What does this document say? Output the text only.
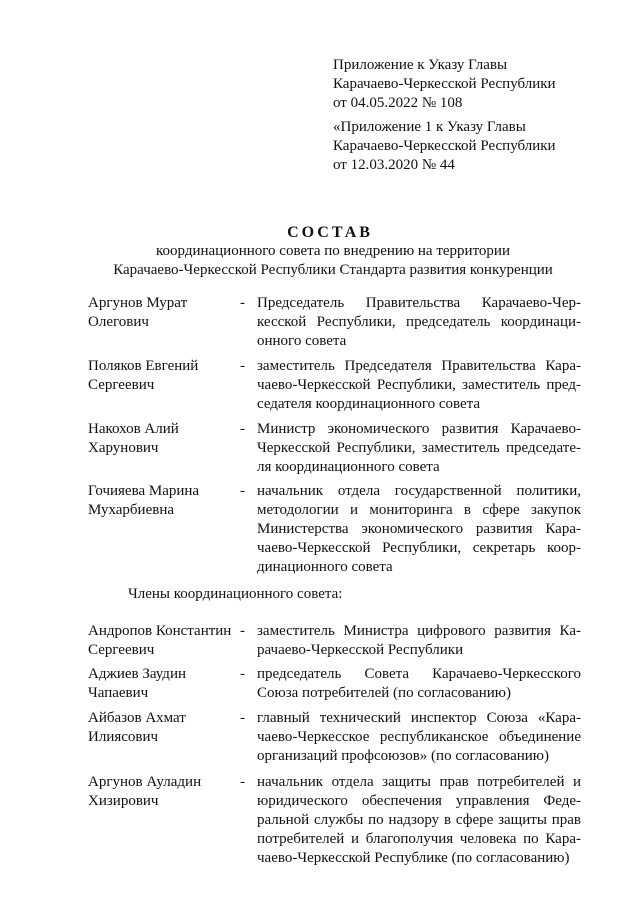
Приложение к Указу Главы
Карачаево-Черкесской Республики
от 04.05.2022 № 108
«Приложение 1 к Указу Главы
Карачаево-Черкесской Республики
от 12.03.2020 № 44
СОСТАВ
координационного совета по внедрению на территории
Карачаево-Черкесской Республики Стандарта развития конкуренции
Аргунов Мурат
Олегович
- Председатель Правительства Карачаево-Чер-
кесской Республики, председатель координаци-
онного совета
Поляков Евгений
Сергеевич
- заместитель Председателя Правительства Кара-
чаево-Черкесской Республики, заместитель пред-
седателя координационного совета
Накохов Алий
Харунович
- Министр экономического развития Карачаево-
Черкесской Республики, заместитель председате-
ля координационного совета
Гочияева Марина
Мухарбиевна
- начальник отдела государственной политики,
методологии и мониторинга в сфере закупок
Министерства экономического развития Кара-
чаево-Черкесской Республики, секретарь коор-
динационного совета
Члены координационного совета:
Андропов Константин
Сергеевич
- заместитель Министра цифрового развития Ка-
рачаево-Черкесской Республики
Аджиев Заудин
Чапаевич
- председатель Совета Карачаево-Черкесского
Союза потребителей (по согласованию)
Айбазов Ахмат
Илиясович
- главный технический инспектор Союза «Кара-
чаево-Черкесское республиканское объединение
организаций профсоюзов» (по согласованию)
Аргунов Ауладин
Хизирович
- начальник отдела защиты прав потребителей и
юридического обеспечения управления Феде-
ральной службы по надзору в сфере защиты прав
потребителей и благополучия человека по Кара-
чаево-Черкесской Республике (по согласованию)
